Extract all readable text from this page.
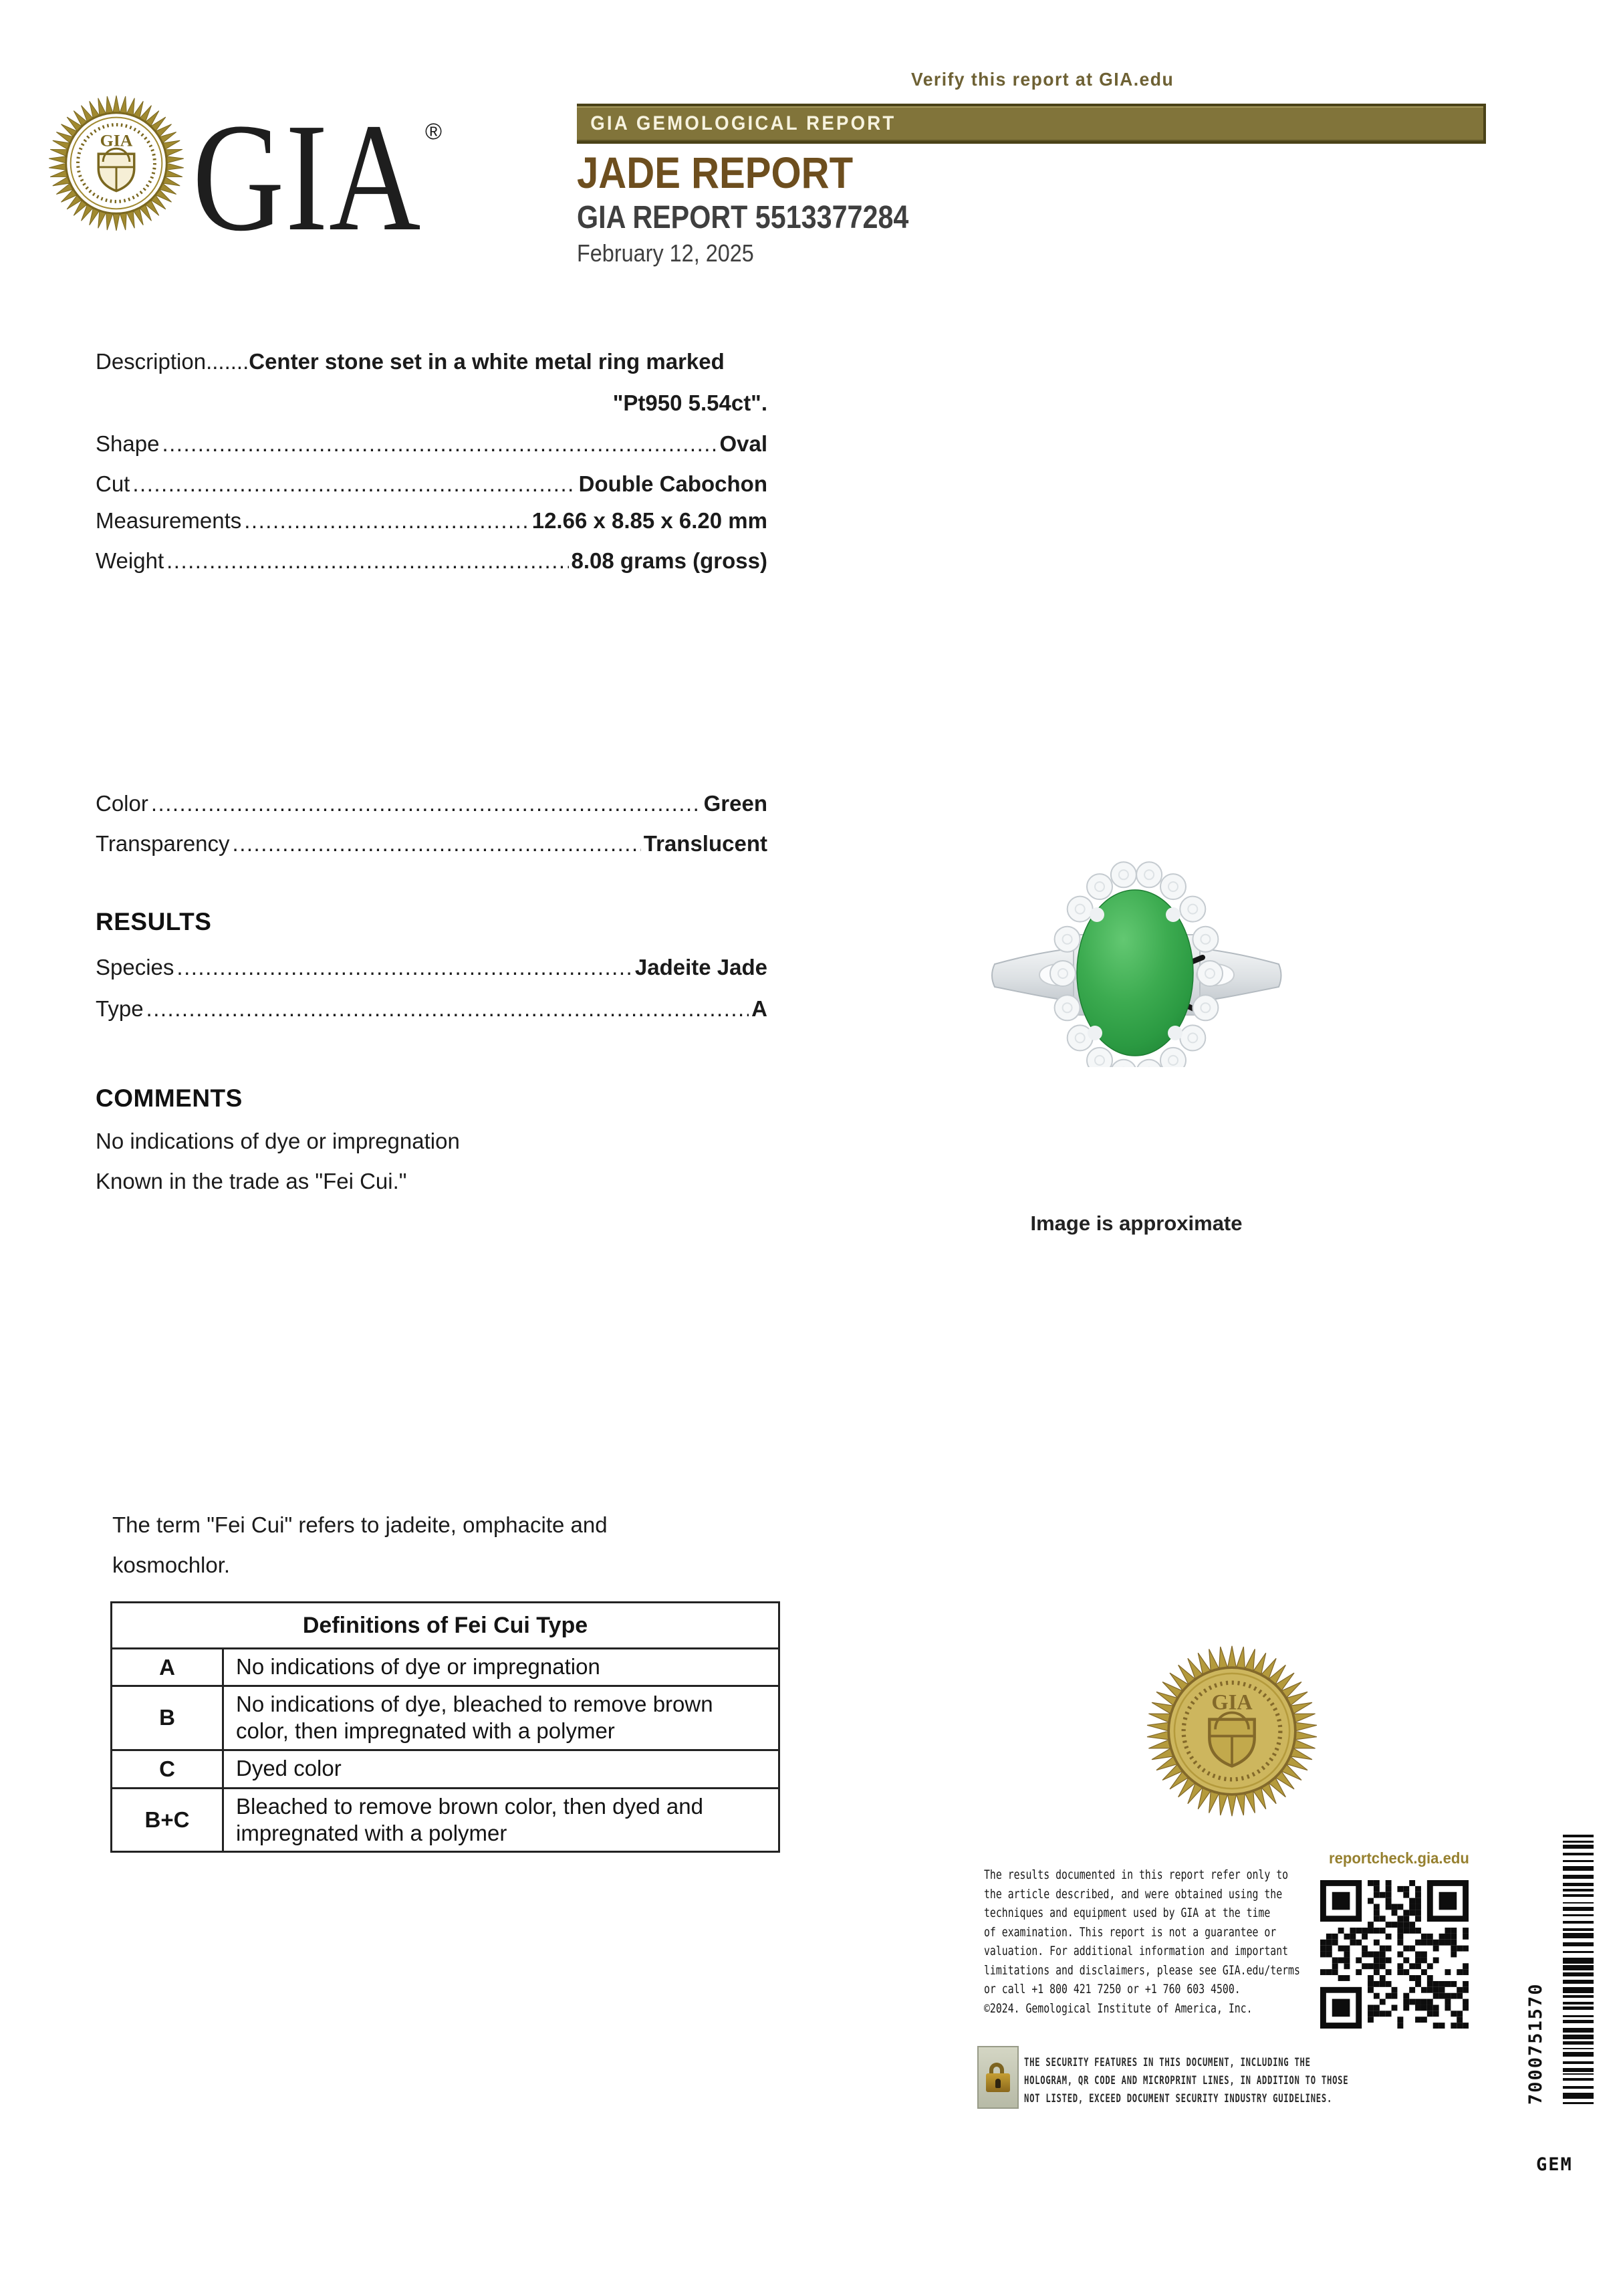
GIA GIA ®
Verify this report at GIA.edu
GIA GEMOLOGICAL REPORT
JADE REPORT
GIA REPORT 5513377284
February 12, 2025
Description....... Center stone set in a white metal ring marked
"Pt950 5.54ct".
Shape .....	Oval
Cut .....	Double Cabochon
Measurements .....	12.66 x 8.85 x 6.20 mm
Weight .....	8.08 grams (gross)
Color .....	Green
Transparency .....	Translucent
RESULTS
Species .....	Jadeite Jade
Type .....	A
COMMENTS
No indications of dye or impregnation
Known in the trade as "Fei Cui."
Image is approximate
The term "Fei Cui" refers to jadeite, omphacite and
kosmochlor.
Definitions of Fei Cui Type	
A	No indications of dye or impregnation
B	No indications of dye, bleached to remove brown color, then impregnated with a polymer
C	Dyed color
B+C	Bleached to remove brown color, then dyed and impregnated with a polymer
GIA
reportcheck.gia.edu
The results documented in this report refer only to
the article described, and were obtained using the
techniques and equipment used by GIA at the time
of examination. This report is not a guarantee or
valuation. For additional information and important
limitations and disclaimers, please see GIA.edu/terms
or call +1 800 421 7250 or +1 760 603 4500.
©2024. Gemological Institute of America, Inc.	7000751570
THE SECURITY FEATURES IN THIS DOCUMENT, INCLUDING THE
HOLOGRAM, QR CODE AND MICROPRINT LINES, IN ADDITION TO THOSE
NOT LISTED, EXCEED DOCUMENT SECURITY INDUSTRY GUIDELINES.
GEM
